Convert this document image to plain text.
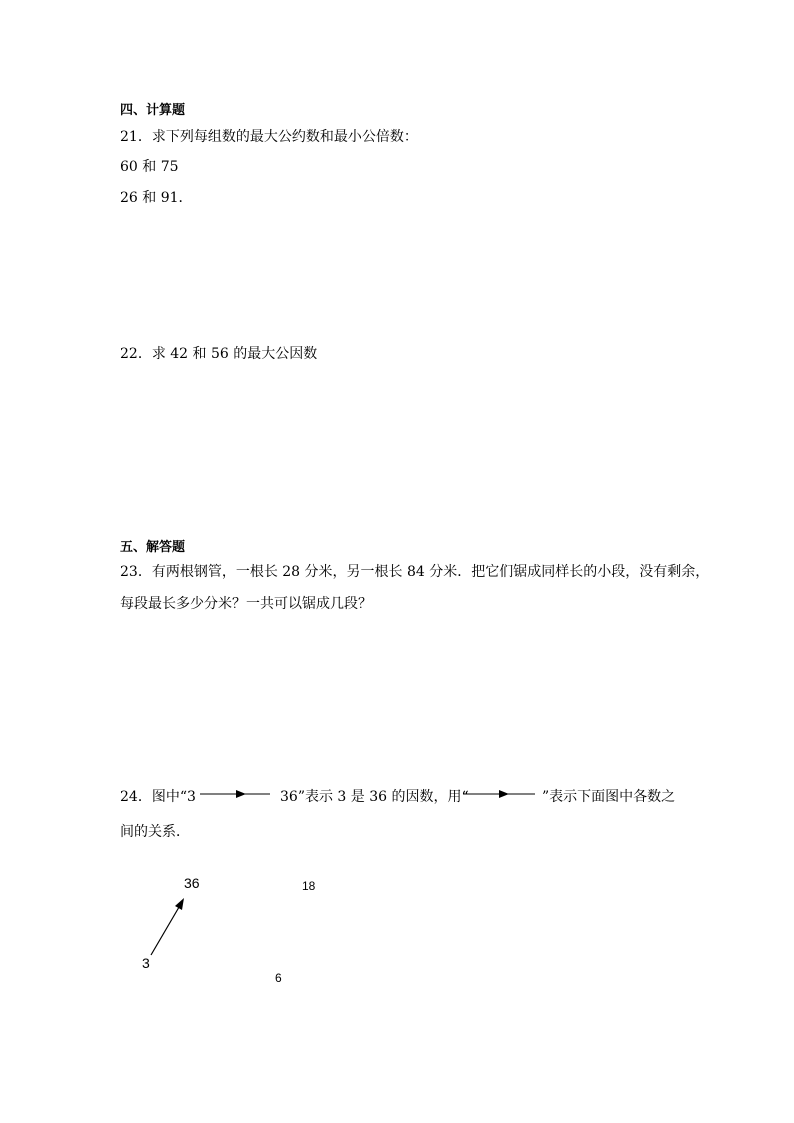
四、计算题
21．求下列每组数的最大公约数和最小公倍数：
60 和 75
26 和 91．
22．求 42 和 56 的最大公因数
五、解答题
23．有两根钢管，一根长 28 分米，另一根长 84 分米．把它们锯成同样长的小段，没有剩余，
每段最长多少分米？一共可以锯成几段？
24．图中“3	36”表示 3 是 36 的因数，用“	”表示下面图中各数之
间的关系．
36	18
3
6
